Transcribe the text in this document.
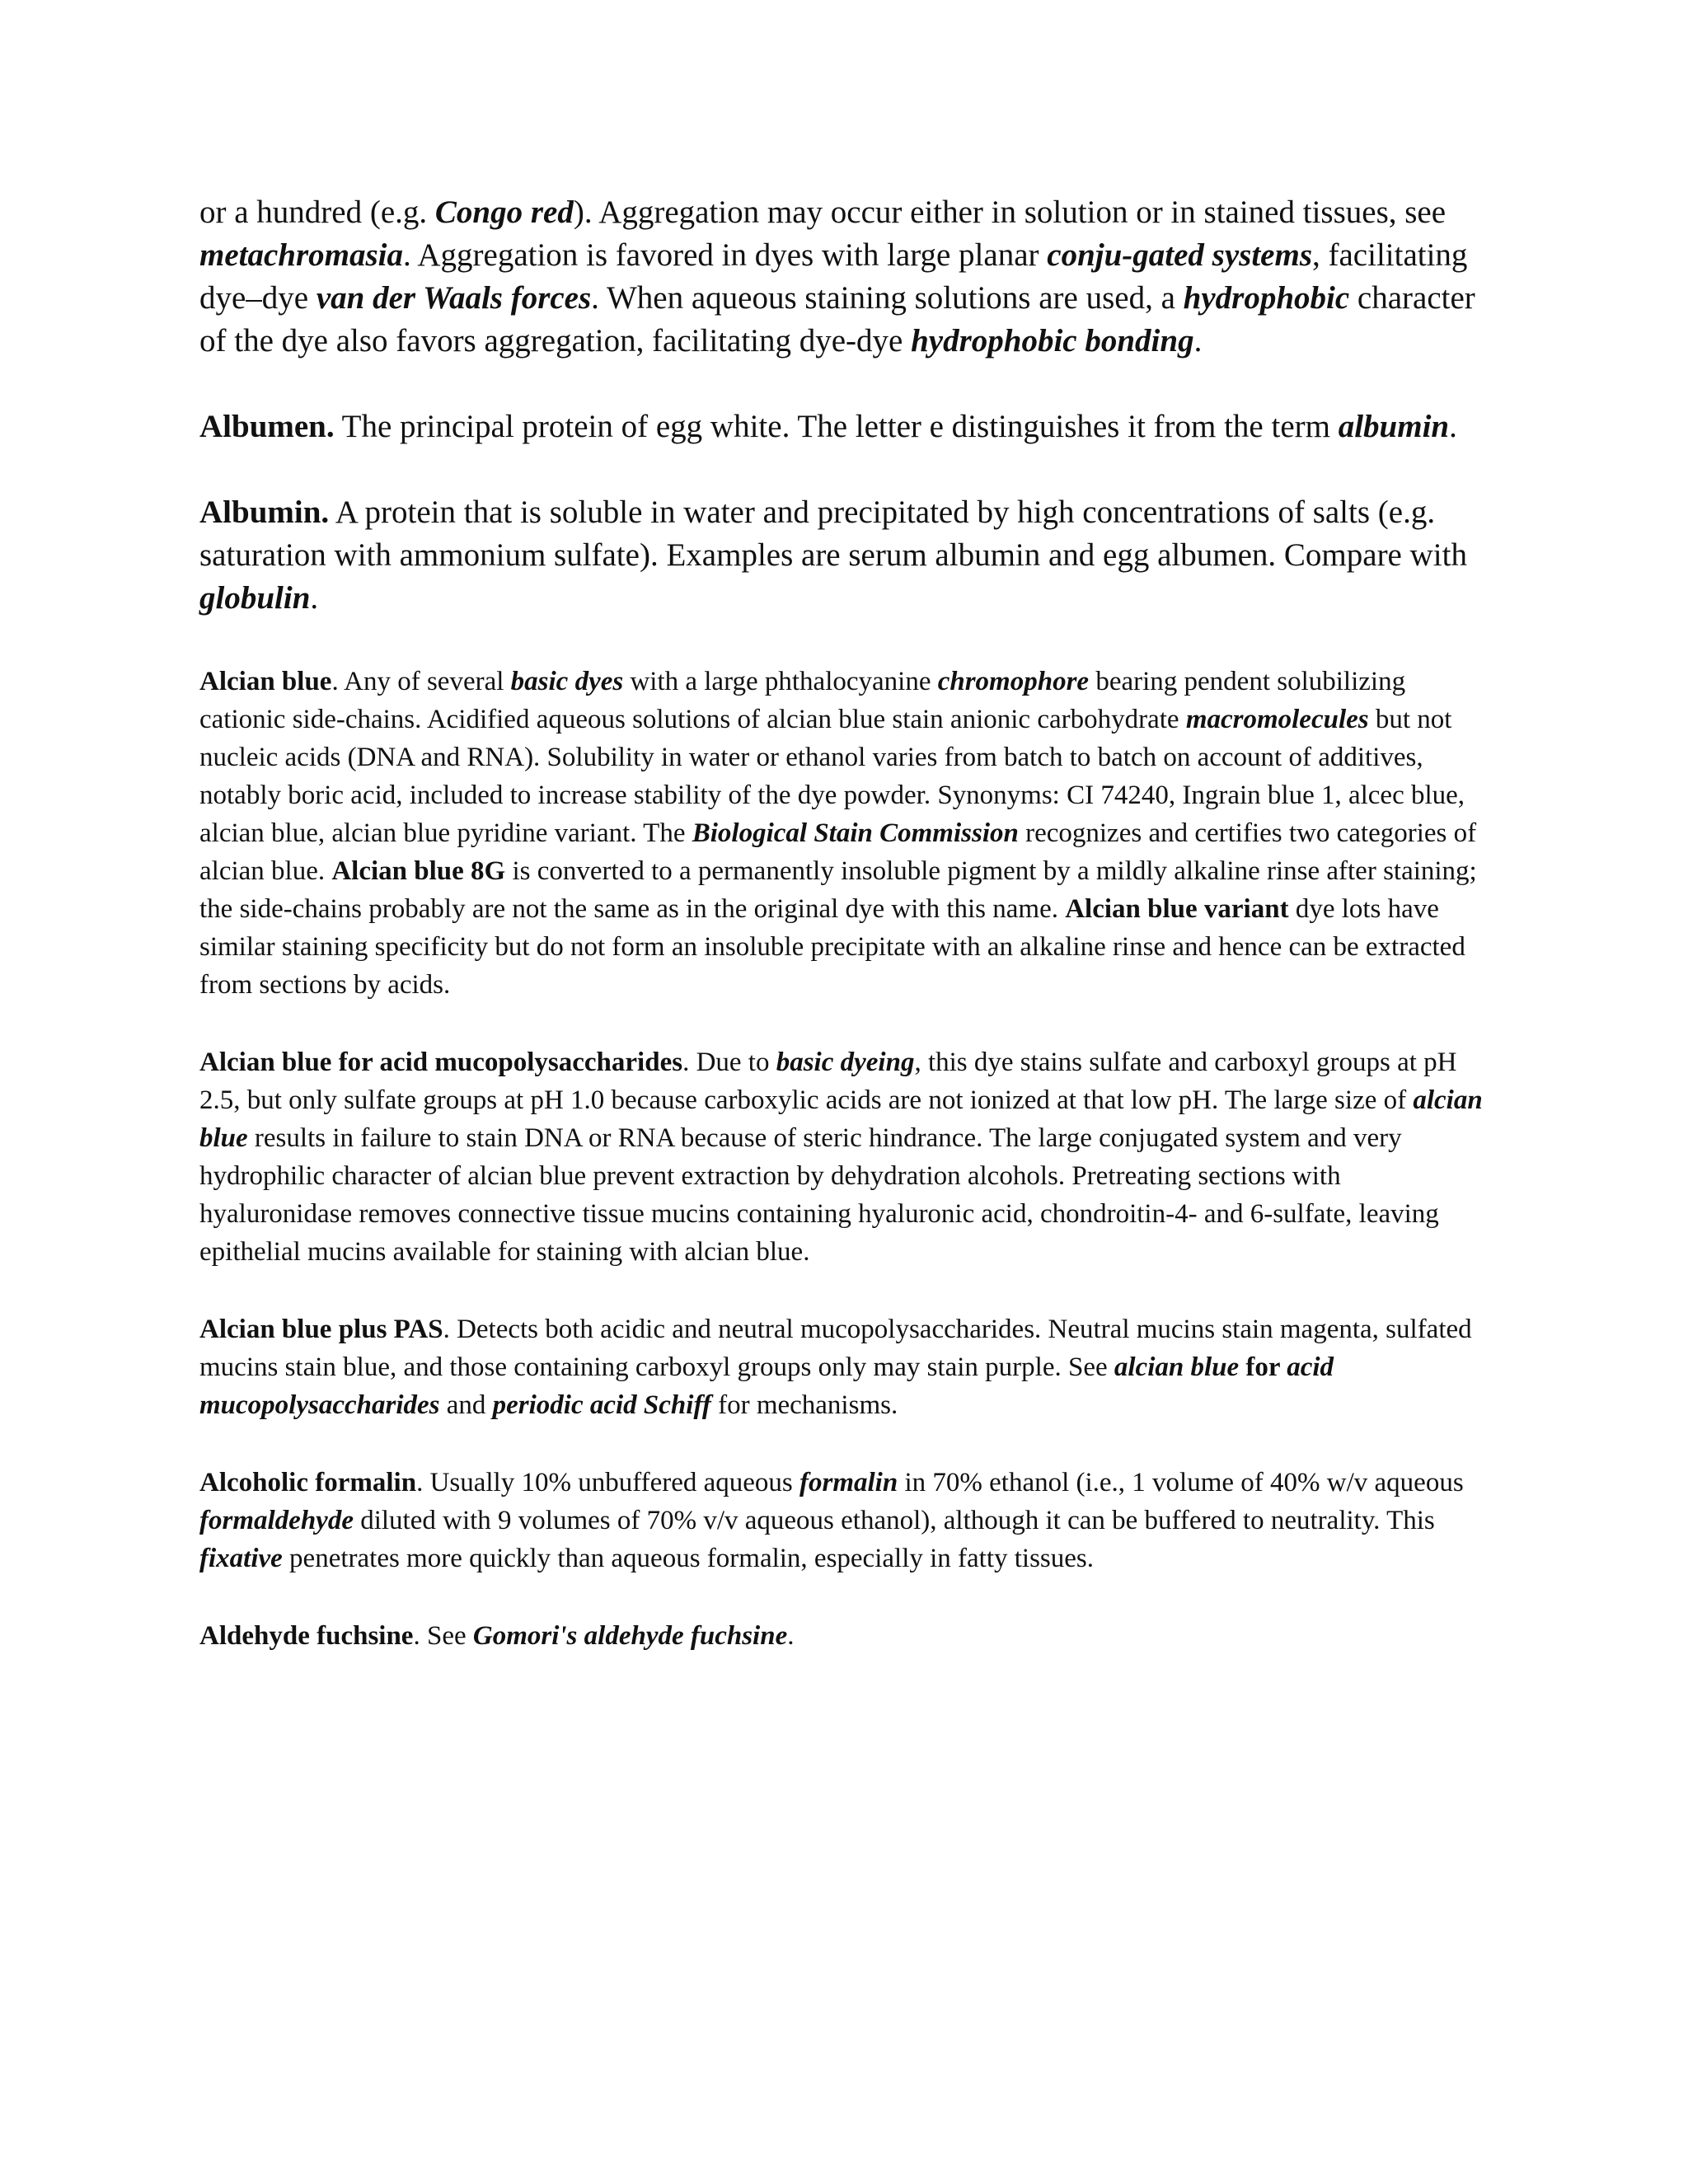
or a hundred (e.g. Congo red). Aggregation may occur either in solution or in stained tissues, see metachromasia. Aggregation is favored in dyes with large planar conju-gated systems, facilitating dye–dye van der Waals forces. When aqueous staining solutions are used, a hydrophobic character of the dye also favors aggregation, facilitating dye-dye hydrophobic bonding.

Albumen. The principal protein of egg white. The letter e distinguishes it from the term albumin.

Albumin. A protein that is soluble in water and precipitated by high concentrations of salts (e.g. saturation with ammonium sulfate). Examples are serum albumin and egg albumen. Compare with globulin.

Alcian blue. Any of several basic dyes with a large phthalocyanine chromophore bearing pendent solubilizing cationic side-chains. Acidified aqueous solutions of alcian blue stain anionic carbohydrate macromolecules but not nucleic acids (DNA and RNA). Solubility in water or ethanol varies from batch to batch on account of additives, notably boric acid, included to increase stability of the dye powder. Synonyms: CI 74240, Ingrain blue 1, alcec blue, alcian blue, alcian blue pyridine variant. The Biological Stain Commission recognizes and certifies two categories of alcian blue. Alcian blue 8G is converted to a permanently insoluble pigment by a mildly alkaline rinse after staining; the side-chains probably are not the same as in the original dye with this name. Alcian blue variant dye lots have similar staining specificity but do not form an insoluble precipitate with an alkaline rinse and hence can be extracted from sections by acids.

Alcian blue for acid mucopolysaccharides. Due to basic dyeing, this dye stains sulfate and carboxyl groups at pH 2.5, but only sulfate groups at pH 1.0 because carboxylic acids are not ionized at that low pH. The large size of alcian blue results in failure to stain DNA or RNA because of steric hindrance. The large conjugated system and very hydrophilic character of alcian blue prevent extraction by dehydration alcohols. Pretreating sections with hyaluronidase removes connective tissue mucins containing hyaluronic acid, chondroitin-4- and 6-sulfate, leaving epithelial mucins available for staining with alcian blue.

Alcian blue plus PAS. Detects both acidic and neutral mucopolysaccharides. Neutral mucins stain magenta, sulfated mucins stain blue, and those containing carboxyl groups only may stain purple. See alcian blue for acid mucopolysaccharides and periodic acid Schiff for mechanisms.

Alcoholic formalin. Usually 10% unbuffered aqueous formalin in 70% ethanol (i.e., 1 volume of 40% w/v aqueous formaldehyde diluted with 9 volumes of 70% v/v aqueous ethanol), although it can be buffered to neutrality. This fixative penetrates more quickly than aqueous formalin, especially in fatty tissues.

Aldehyde fuchsine. See Gomori's aldehyde fuchsine.
